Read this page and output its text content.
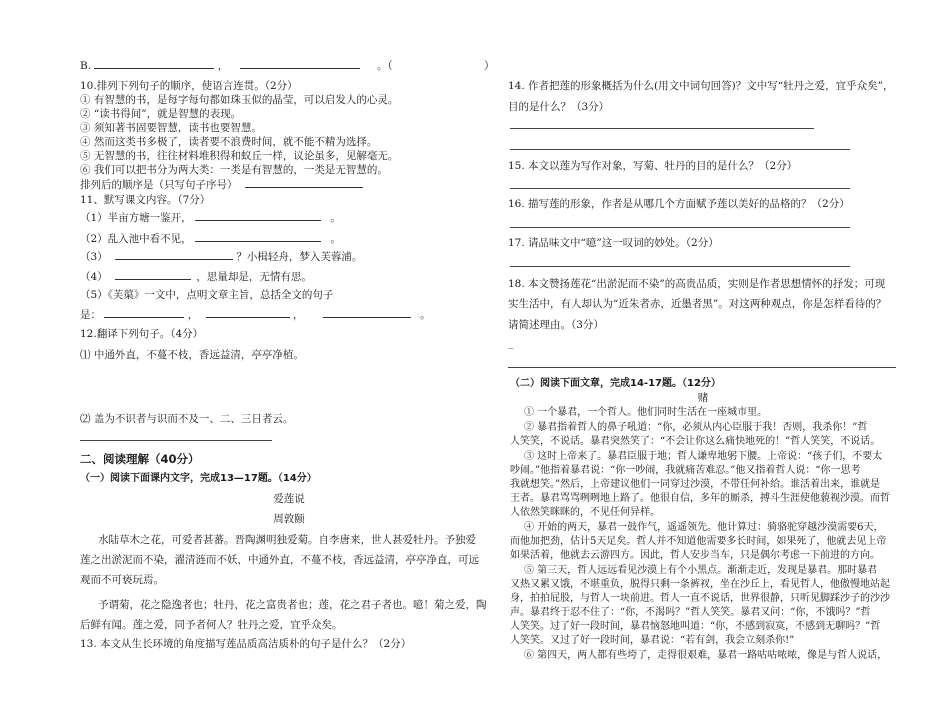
B.	，	。（	）
10.排列下列句子的顺序，使语言连贯。（2分）
① 有智慧的书，是每字每句都如珠玉似的晶莹，可以启发人的心灵。
② “读书得间”，就是智慧的表现。
③ 须知著书固要智慧，读书也要智慧。
④ 然而这类书多极了，读者要不浪费时间，就不能不精为选择。
⑤ 无智慧的书，往往材料堆积得和蚁丘一样，议论虽多，见解毫无。
⑥ 我们可以把书分为两大类：一类是有智慧的，一类是无智慧的。
排列后的顺序是（只写句子序号）
11、默写课文内容。（7分）
（1）半亩方塘一鉴开，	。
（2）乱入池中看不见，	。
（3）	？小楫轻舟，梦入芙蓉浦。
（4）	，思量却是，无情有思。
（5）《芙蕖》一文中，点明文章主旨，总括全文的句子
是：	，	，	。
12.翻译下列句子。（4分）
⑴ 中通外直，不蔓不枝，香远益清，亭亭净植。
⑵ 盖为不识者与识而不及一、二、三日者云。
二、阅读理解（40分）
（一）阅读下面课内文字，完成13—17题。（14分）
爱莲说
周敦颐
水陆草木之花，可爱者甚蕃。晋陶渊明独爱菊。自李唐来，世人甚爱牡丹。予独爱
莲之出淤泥而不染，濯清涟而不妖，中通外直，不蔓不枝，香远益清，亭亭净直，可远
观而不可亵玩焉。
予谓菊，花之隐逸者也；牡丹，花之富贵者也；莲，花之君子者也。噫！菊之爱，陶
后鲜有闻。莲之爱，同予者何人？牡丹之爱，宜乎众矣。
13. 本文从生长环境的角度描写莲品质高洁质朴的句子是什么？（2分）
14. 作者把莲的形象概括为什么(用文中词句回答)？文中写“牡丹之爱，宜乎众矣”，
目的是什么？（3分）
15. 本文以莲为写作对象，写菊、牡丹的目的是什么？（2分）
16. 描写莲的形象，作者是从哪几个方面赋予莲以美好的品格的？（2分）
17. 请品味文中“噫”这一叹词的妙处。（2分）
18. 本文赞扬莲花“出淤泥而不染”的高贵品质，实则是作者思想情怀的抒发；可现
实生活中，有人却认为“近朱者赤，近墨者黑”。对这两种观点，你是怎样看待的？
请简述理由。（3分）
_
（二）阅读下面文章，完成14-17题。（12分）
赌
① 一个暴君，一个哲人。他们同时生活在一座城市里。
② 暴君指着哲人的鼻子吼道：“你，必须从内心臣服于我！否则，我杀你！”哲
人笑笑，不说话。暴君突然笑了：“不会让你这么痛快地死的！”哲人笑笑，不说话。
③ 这时上帝来了。暴君臣服于地；哲人谦卑地躬下腰。上帝说：“孩子们，不要太
吵闹。”他指着暴君说：“你一吵闹，我就痛苦难忍。”他又指着哲人说：“你一思考
我就想笑。”然后，上帝建议他们一同穿过沙漠，不带任何补给。谁活着出来，谁就是
王者。暴君骂骂咧咧地上路了。他很自信，多年的厮杀，搏斗生涯使他藐视沙漠。而哲
人依然笑眯眯的，不见任何异样。
④ 开始的两天，暴君一鼓作气，遥遥领先。他计算过：骑骆驼穿越沙漠需要6天，
而他加把劲，估计5天足矣。哲人并不知道他需要多长时间，如果死了，他就去见上帝
如果活着，他就去云游四方。因此，哲人安步当车，只是偶尔考虑一下前进的方向。
⑤ 第三天，哲人远远看见沙漠上有个小黑点。渐渐走近，发现是暴君。那时暴君
又热又累又饿，不堪重负，脱得只剩一条裤衩，坐在沙丘上，看见哲人，他傲慢地站起
身，拍拍屁股，与哲人一块前进。哲人一直不说话，世界很静，只听见脚踩沙子的沙沙
声。暴君终于忍不住了：“你，不渴吗？”哲人笑笑。暴君又问：“你，不饿吗？”哲
人笑笑。过了好一段时间，暴君恼怒地叫道：“你，不感到寂寞，不感到无聊吗？”哲
人笑笑。又过了好一段时间，暴君说：“若有剑，我会立刻杀你!”
⑥ 第四天，两人都有些垮了，走得很艰难，暴君一路咕咕哝哝，像是与哲人说话，
